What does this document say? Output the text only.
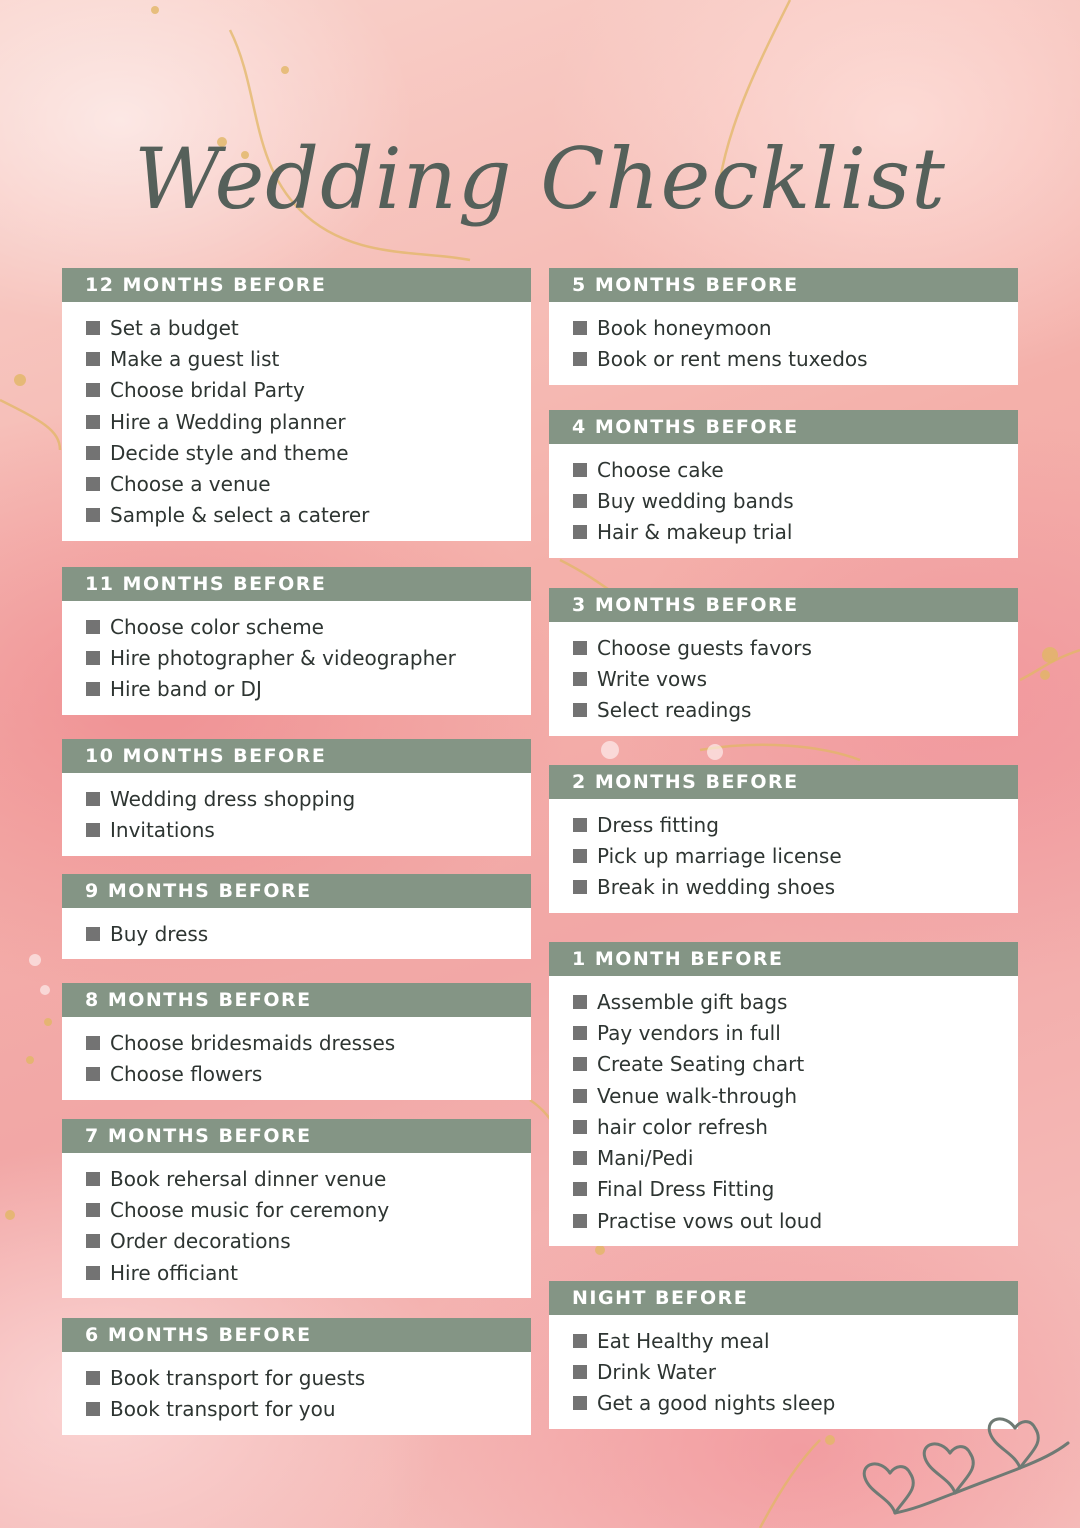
Wedding Checklist
12 MONTHS BEFORE
Set a budget
Make a guest list
Choose bridal Party
Hire a Wedding planner
Decide style and theme
Choose a venue
Sample & select a caterer
11 MONTHS BEFORE
Choose color scheme
Hire photographer & videographer
Hire band or DJ
10 MONTHS BEFORE
Wedding dress shopping
Invitations
9 MONTHS BEFORE
Buy dress
8 MONTHS BEFORE
Choose bridesmaids dresses
Choose flowers
7 MONTHS BEFORE
Book rehersal dinner venue
Choose music for ceremony
Order decorations
Hire officiant
6 MONTHS BEFORE
Book transport for guests
Book transport for you
5 MONTHS BEFORE
Book honeymoon
Book or rent mens tuxedos
4 MONTHS BEFORE
Choose cake
Buy wedding bands
Hair & makeup trial
3 MONTHS BEFORE
Choose guests favors
Write vows
Select readings
2 MONTHS BEFORE
Dress fitting
Pick up marriage license
Break in wedding shoes
1 MONTH BEFORE
Assemble gift bags
Pay vendors in full
Create Seating chart
Venue walk-through
hair color refresh
Mani/Pedi
Final Dress Fitting
Practise vows out loud
NIGHT BEFORE
Eat Healthy meal
Drink Water
Get a good nights sleep
